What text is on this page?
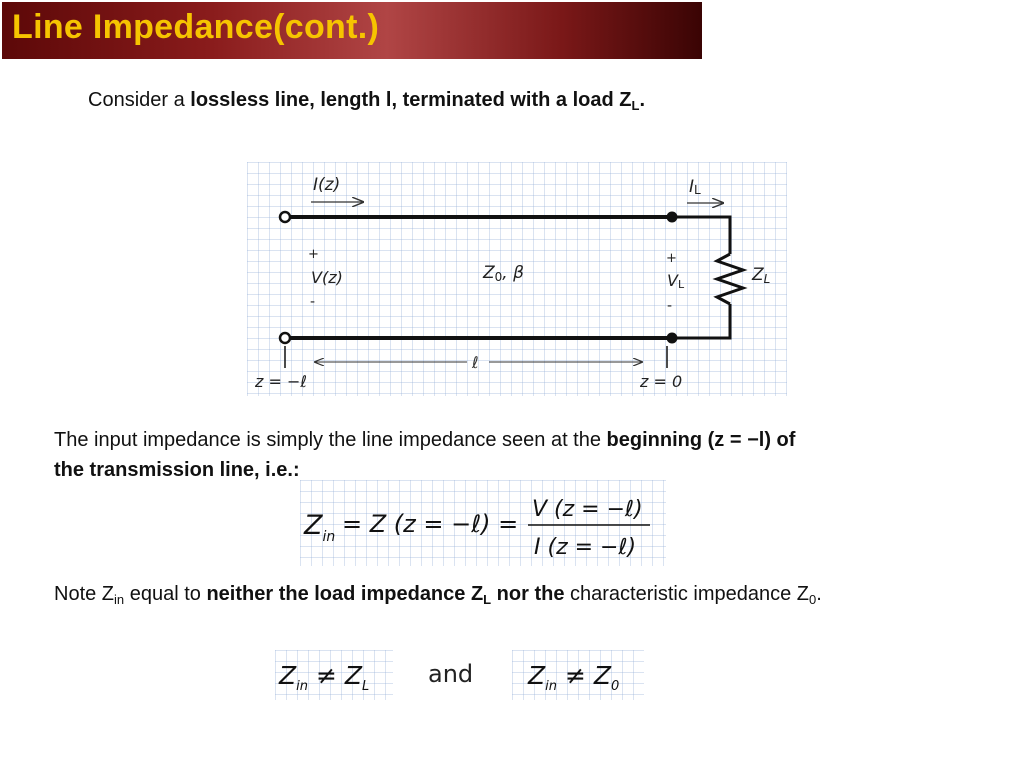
Line Impedance(cont.)
Consider a lossless line, length l, terminated with a load $Z_L$.
I(z)	IL
+
V(z)
-
Z0, β
+
VL
-
ZL
ℓ
z = −ℓ	z = 0
The input impedance is simply the line impedance seen at the beginning (z = −l) of
the transmission line, i.e.:
$Z_{in} = Z$ (z = −ℓ) =
V (z = −ℓ)
I (z = −ℓ)
Note $Z_{in}$ equal to neither the load impedance $Z_L$ nor the characteristic impedance $Z_0$.
$Z_{in} \ne Z_L$ and $Z_{in} \ne Z_0$
